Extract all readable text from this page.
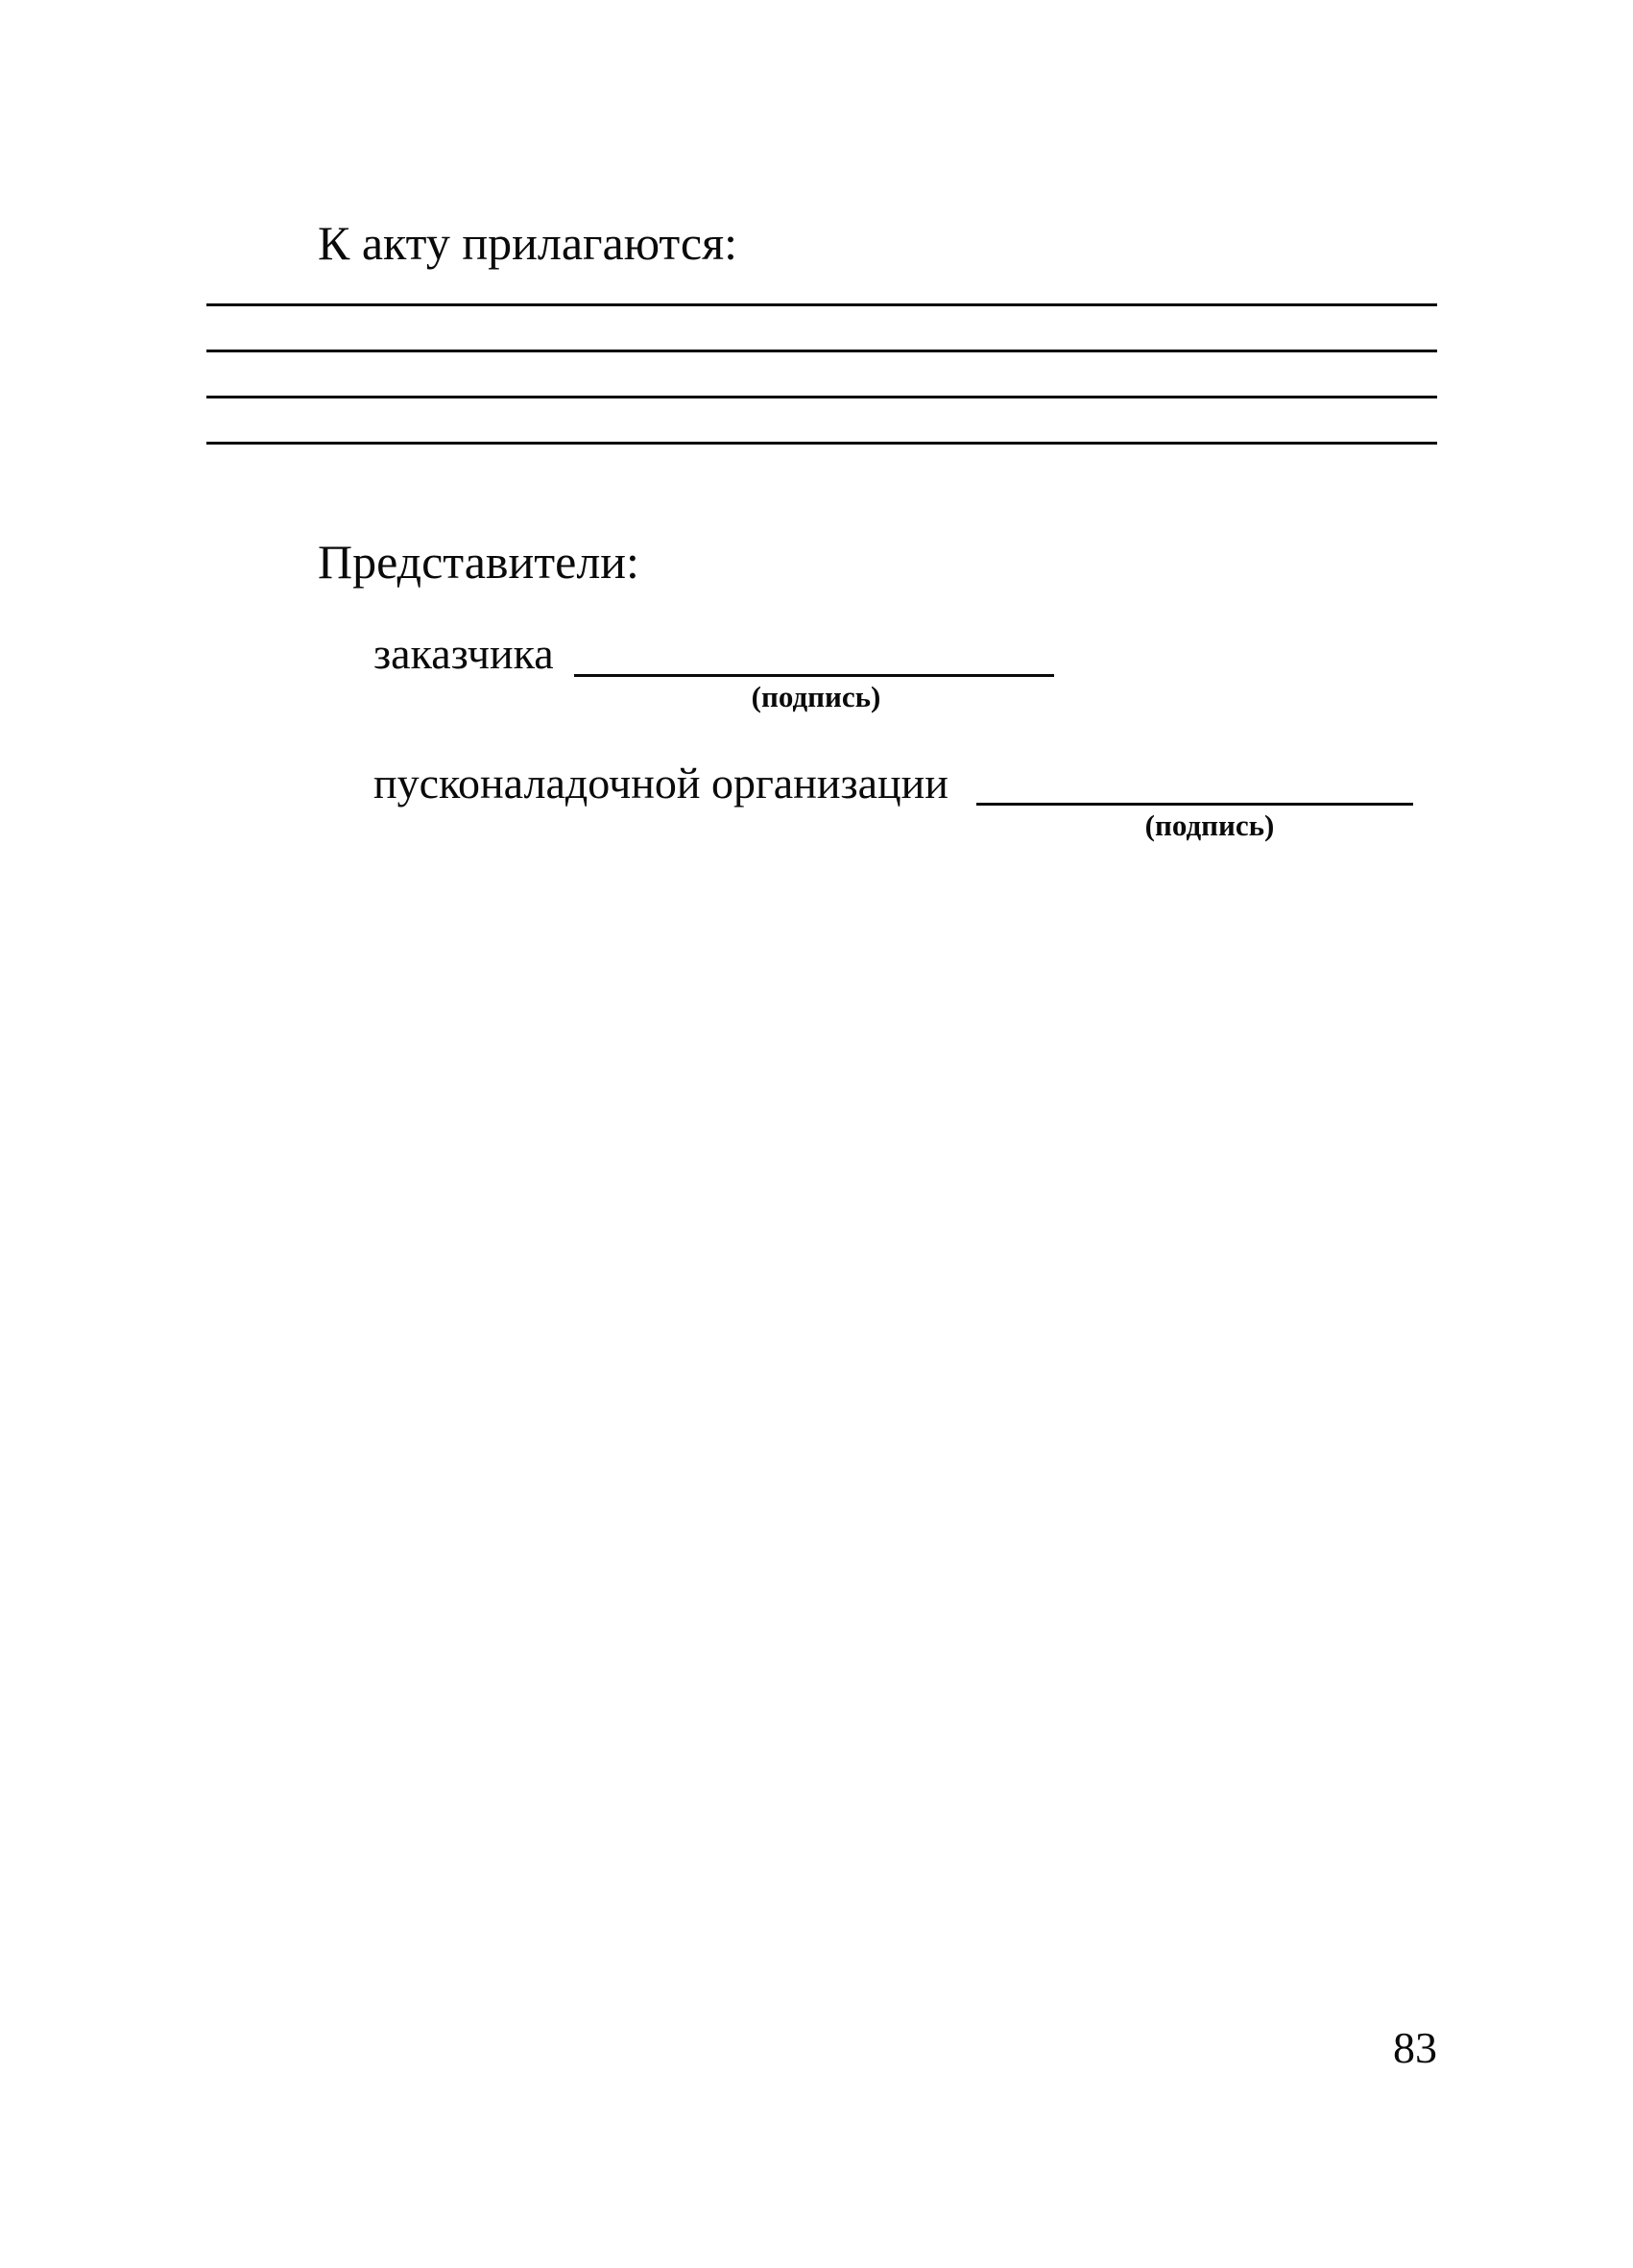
К акту прилагаются:
Представители:
заказчика
(подпись)
пусконаладочной организации
(подпись)
83
